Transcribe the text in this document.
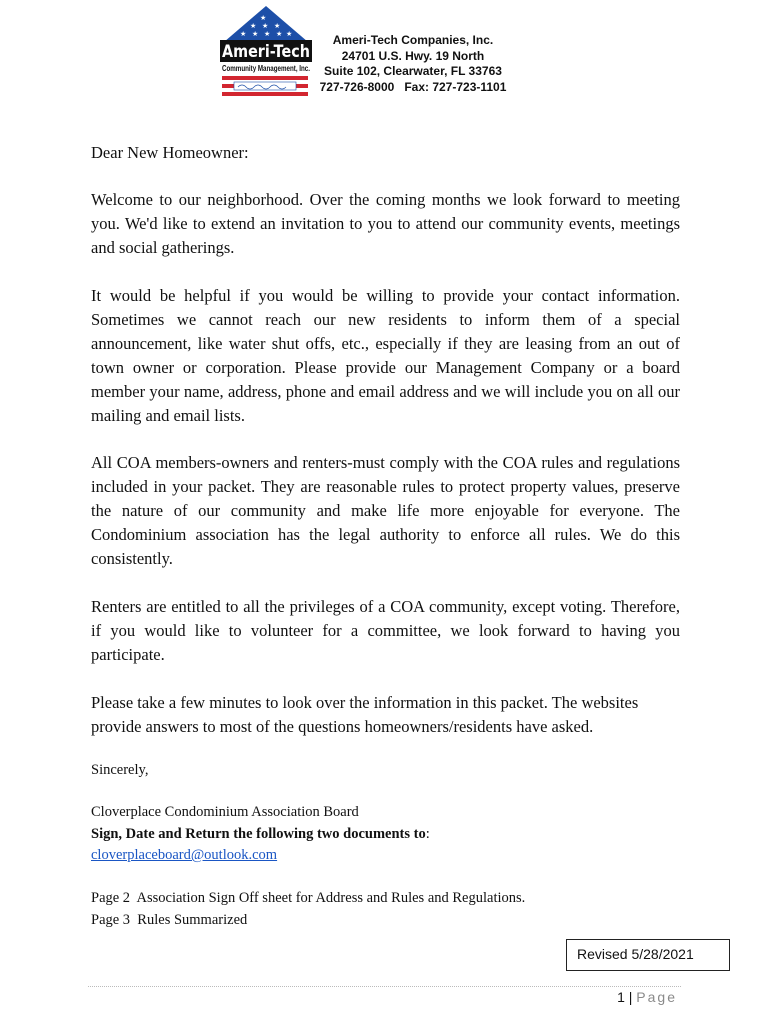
★
★ ★ ★
★ ★ ★ ★ ★
Ameri-Tech
Community Management, Inc.
Ameri-Tech Companies, Inc.
24701 U.S. Hwy. 19 North
Suite 102, Clearwater, FL 33763
727-726-8000   Fax: 727-723-1101

Dear New Homeowner:

Welcome to our neighborhood. Over the coming months we look forward to meeting you. We'd like to extend an invitation to you to attend our community events, meetings and social gatherings.

It would be helpful if you would be willing to provide your contact information. Sometimes we cannot reach our new residents to inform them of a special announcement, like water shut offs, etc., especially if they are leasing from an out of town owner or corporation. Please provide our Management Company or a board member your name, address, phone and email address and we will include you on all our mailing and email lists.

All COA members-owners and renters-must comply with the COA rules and regulations included in your packet. They are reasonable rules to protect property values, preserve the nature of our community and make life more enjoyable for everyone. The Condominium association has the legal authority to enforce all rules. We do this consistently.

Renters are entitled to all the privileges of a COA community, except voting. Therefore, if you would like to volunteer for a committee, we look forward to having you participate.

Please take a few minutes to look over the information in this packet. The websites provide answers to most of the questions homeowners/residents have asked.

Sincerely,

Cloverplace Condominium Association Board
Sign, Date and Return the following two documents to:
cloverplaceboard@outlook.com
Page 2  Association Sign Off sheet for Address and Rules and Regulations.
Page 3  Rules Summarized
Revised 5/28/2021
1 | Page
